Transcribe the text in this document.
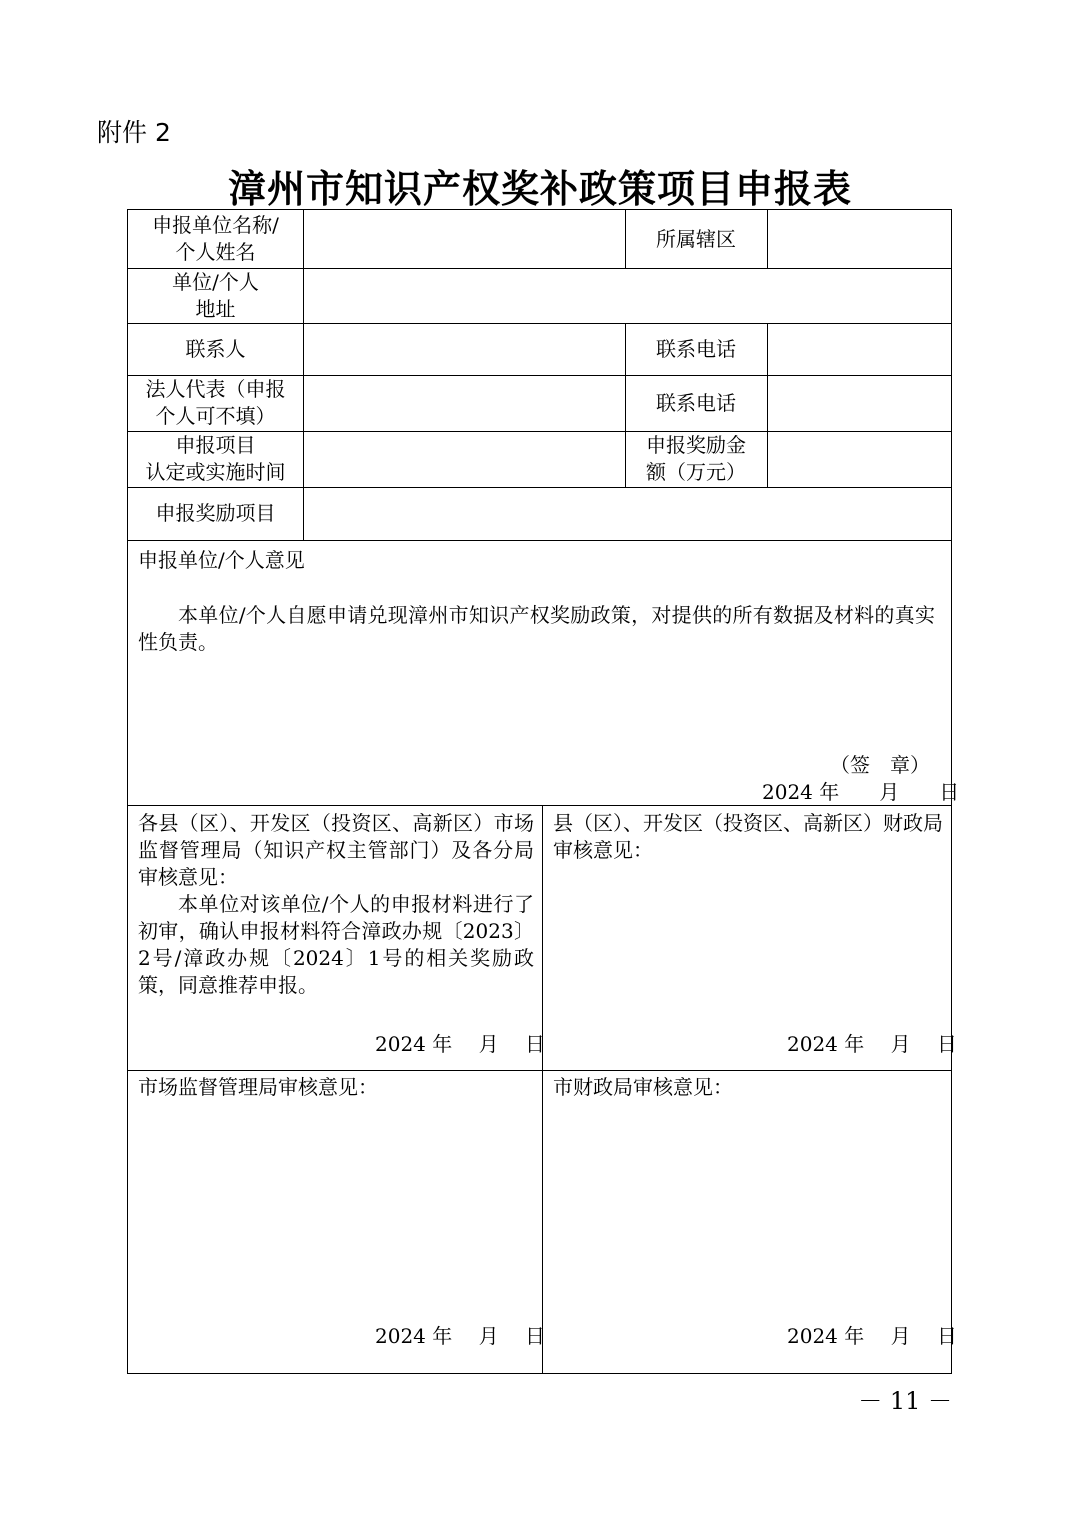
附件 2
漳州市知识产权奖补政策项目申报表
申报单位名称/
个人姓名
所属辖区
单位/个人
地址
联系人	联系电话
法人代表（申报
个人可不填）
联系电话
申报项目
认定或实施时间
申报奖励金
额（万元）
申报奖励项目
申报单位/个人意见
本单位/个人自愿申请兑现漳州市知识产权奖励政策，对提供的所有数据及材料的真实性负责。
（签　章）
2024 年　　月　　日
各县（区）、开发区（投资区、高新区）市场监督管理局（知识产权主管部门）及各分局审核意见：
本单位对该单位/个人的申报材料进行了初审，确认申报材料符合漳政办规〔2023〕2号/漳政办规〔2024〕1号的相关奖励政策，同意推荐申报。
2024 年　 月　 日
县（区）、开发区（投资区、高新区）财政局审核意见：
2024 年　 月　 日
市场监督管理局审核意见：
2024 年　 月　 日
市财政局审核意见：
2024 年　 月　 日
－ 11 －
